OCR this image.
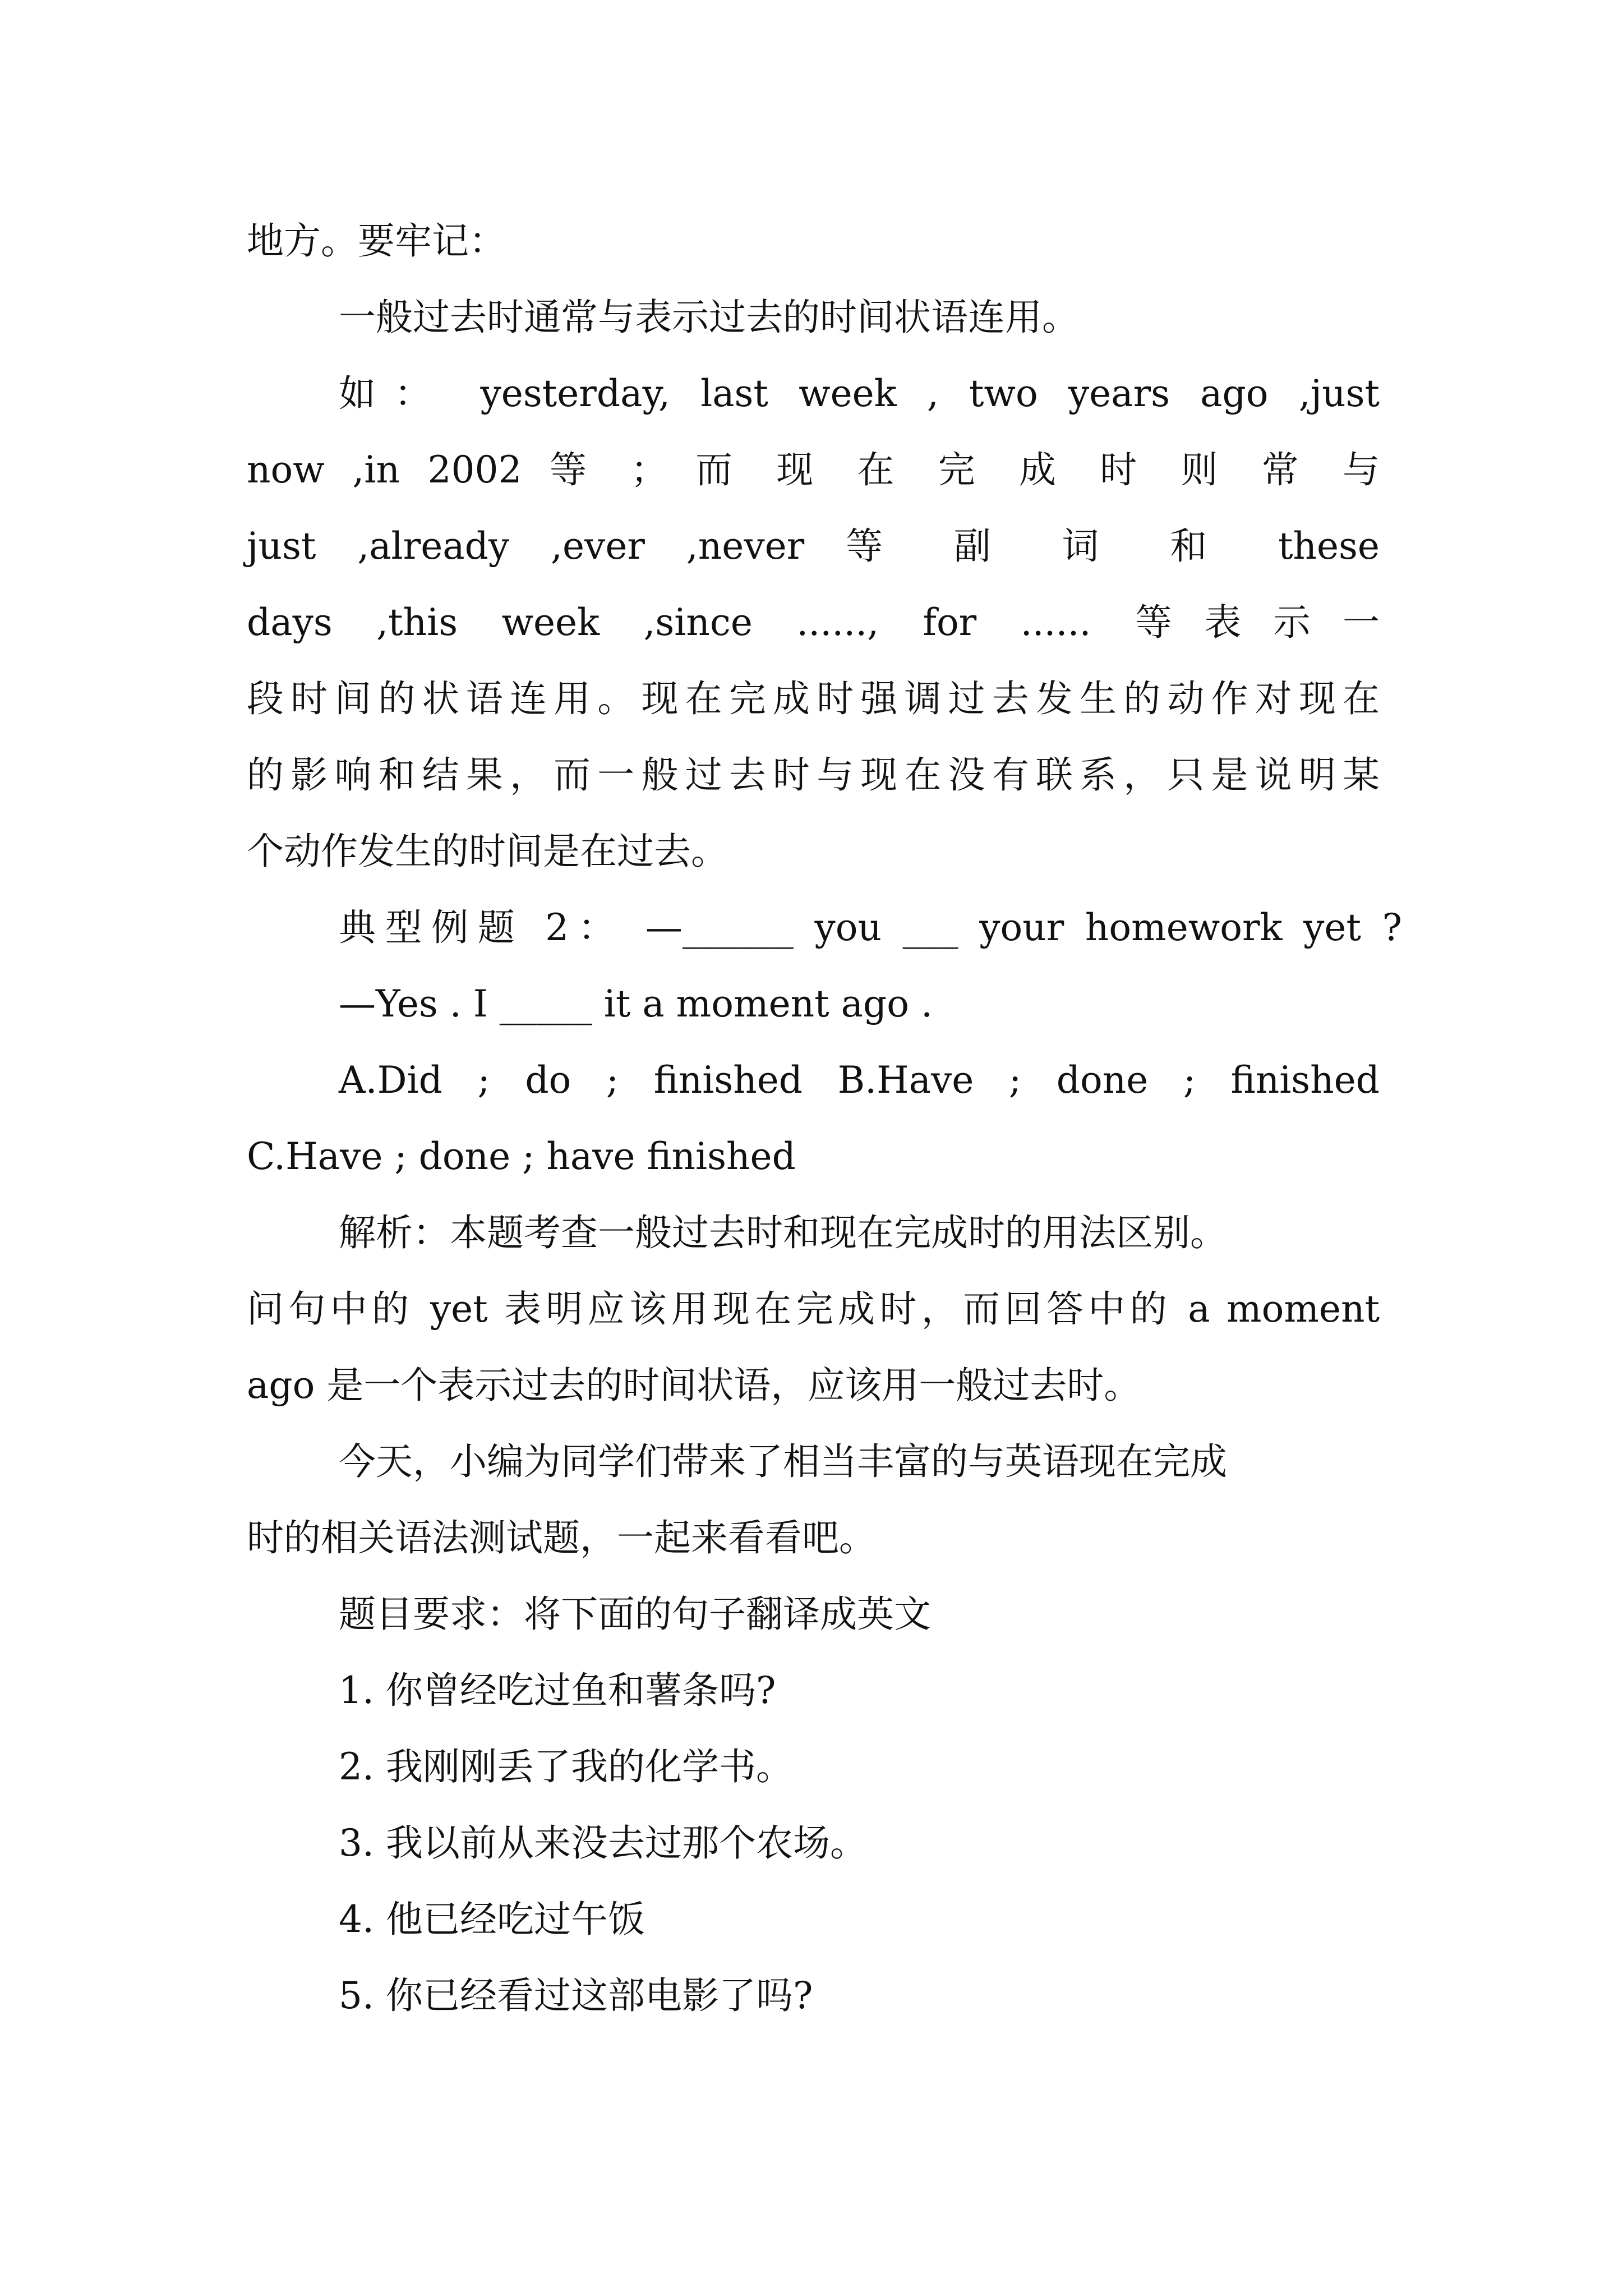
地方。要牢记：
一般过去时通常与表示过去的时间状语连用。
如： yesterday, last week , two years ago ,just
now ,in 2002 等 ； 而 现 在 完 成 时 则 常 与
just ,already ,ever ,never 等 副 词 和 these
days ,this week ,since ......, for ...... 等表示一
段时间的状语连用。现在完成时强调过去发生的动作对现在
的影响和结果，而一般过去时与现在没有联系，只是说明某
个动作发生的时间是在过去。
典型例题 2： —______ you ___ your homework yet ?
—Yes . I _____ it a moment ago .
A.Did ; do ; finished B.Have ; done ; finished
C.Have ; done ; have finished
解析：本题考查一般过去时和现在完成时的用法区别。
问句中的 yet 表明应该用现在完成时，而回答中的 a moment
ago 是一个表示过去的时间状语，应该用一般过去时。
今天，小编为同学们带来了相当丰富的与英语现在完成
时的相关语法测试题，一起来看看吧。
题目要求：将下面的句子翻译成英文
1. 你曾经吃过鱼和薯条吗?
2. 我刚刚丢了我的化学书。
3. 我以前从来没去过那个农场。
4. 他已经吃过午饭
5. 你已经看过这部电影了吗?
